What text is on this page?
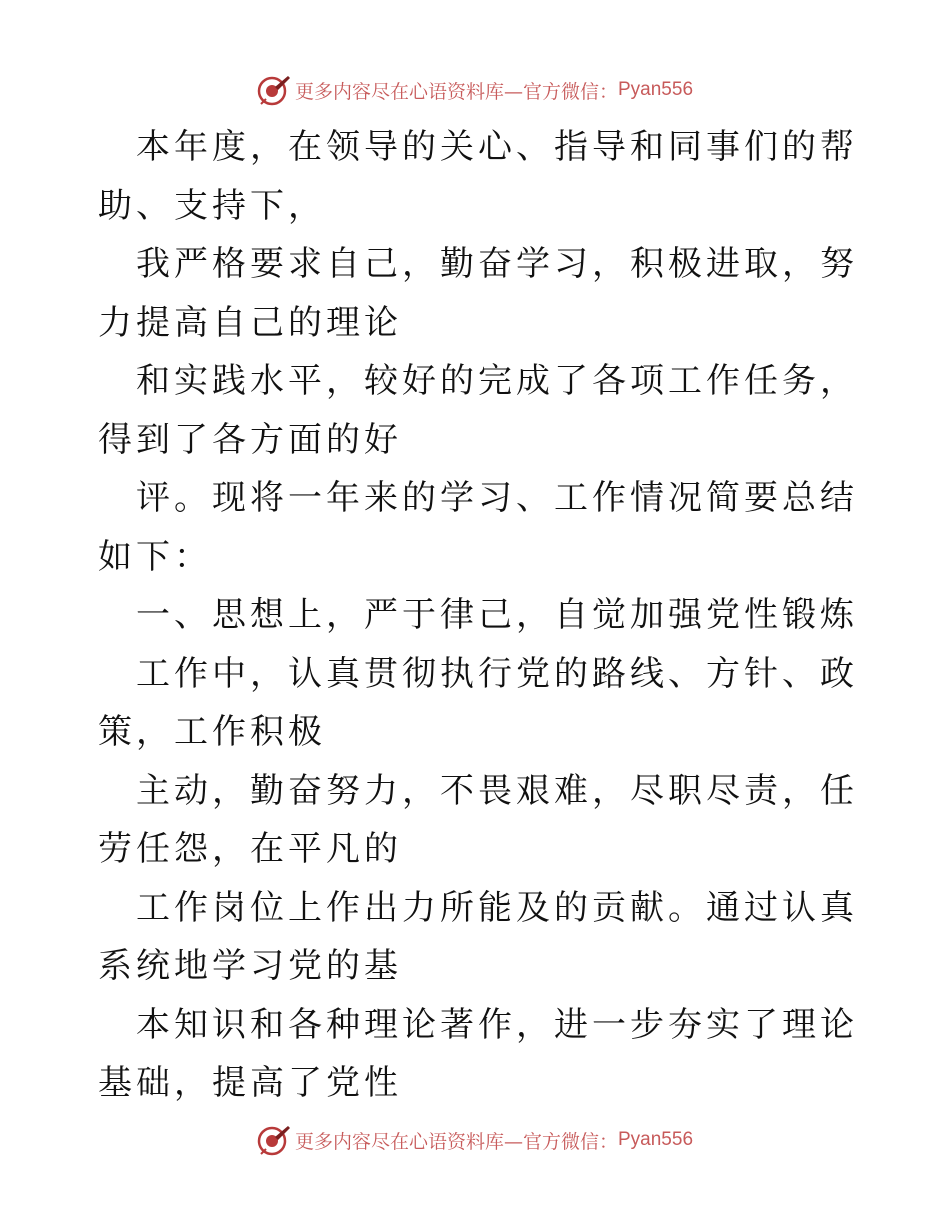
更多内容尽在心语资料库—官方微信： Pyan556

本年度，在领导的关心、指导和同事们的帮助、支持下，

我严格要求自己，勤奋学习，积极进取，努力提高自己的理论

和实践水平，较好的完成了各项工作任务，得到了各方面的好

评。现将一年来的学习、工作情况简要总结如下：

一、思想上，严于律己，自觉加强党性锻炼

工作中，认真贯彻执行党的路线、方针、政策，工作积极

主动，勤奋努力，不畏艰难，尽职尽责，任劳任怨，在平凡的

工作岗位上作出力所能及的贡献。通过认真系统地学习党的基

本知识和各种理论著作，进一步夯实了理论基础，提高了党性

更多内容尽在心语资料库—官方微信： Pyan556
